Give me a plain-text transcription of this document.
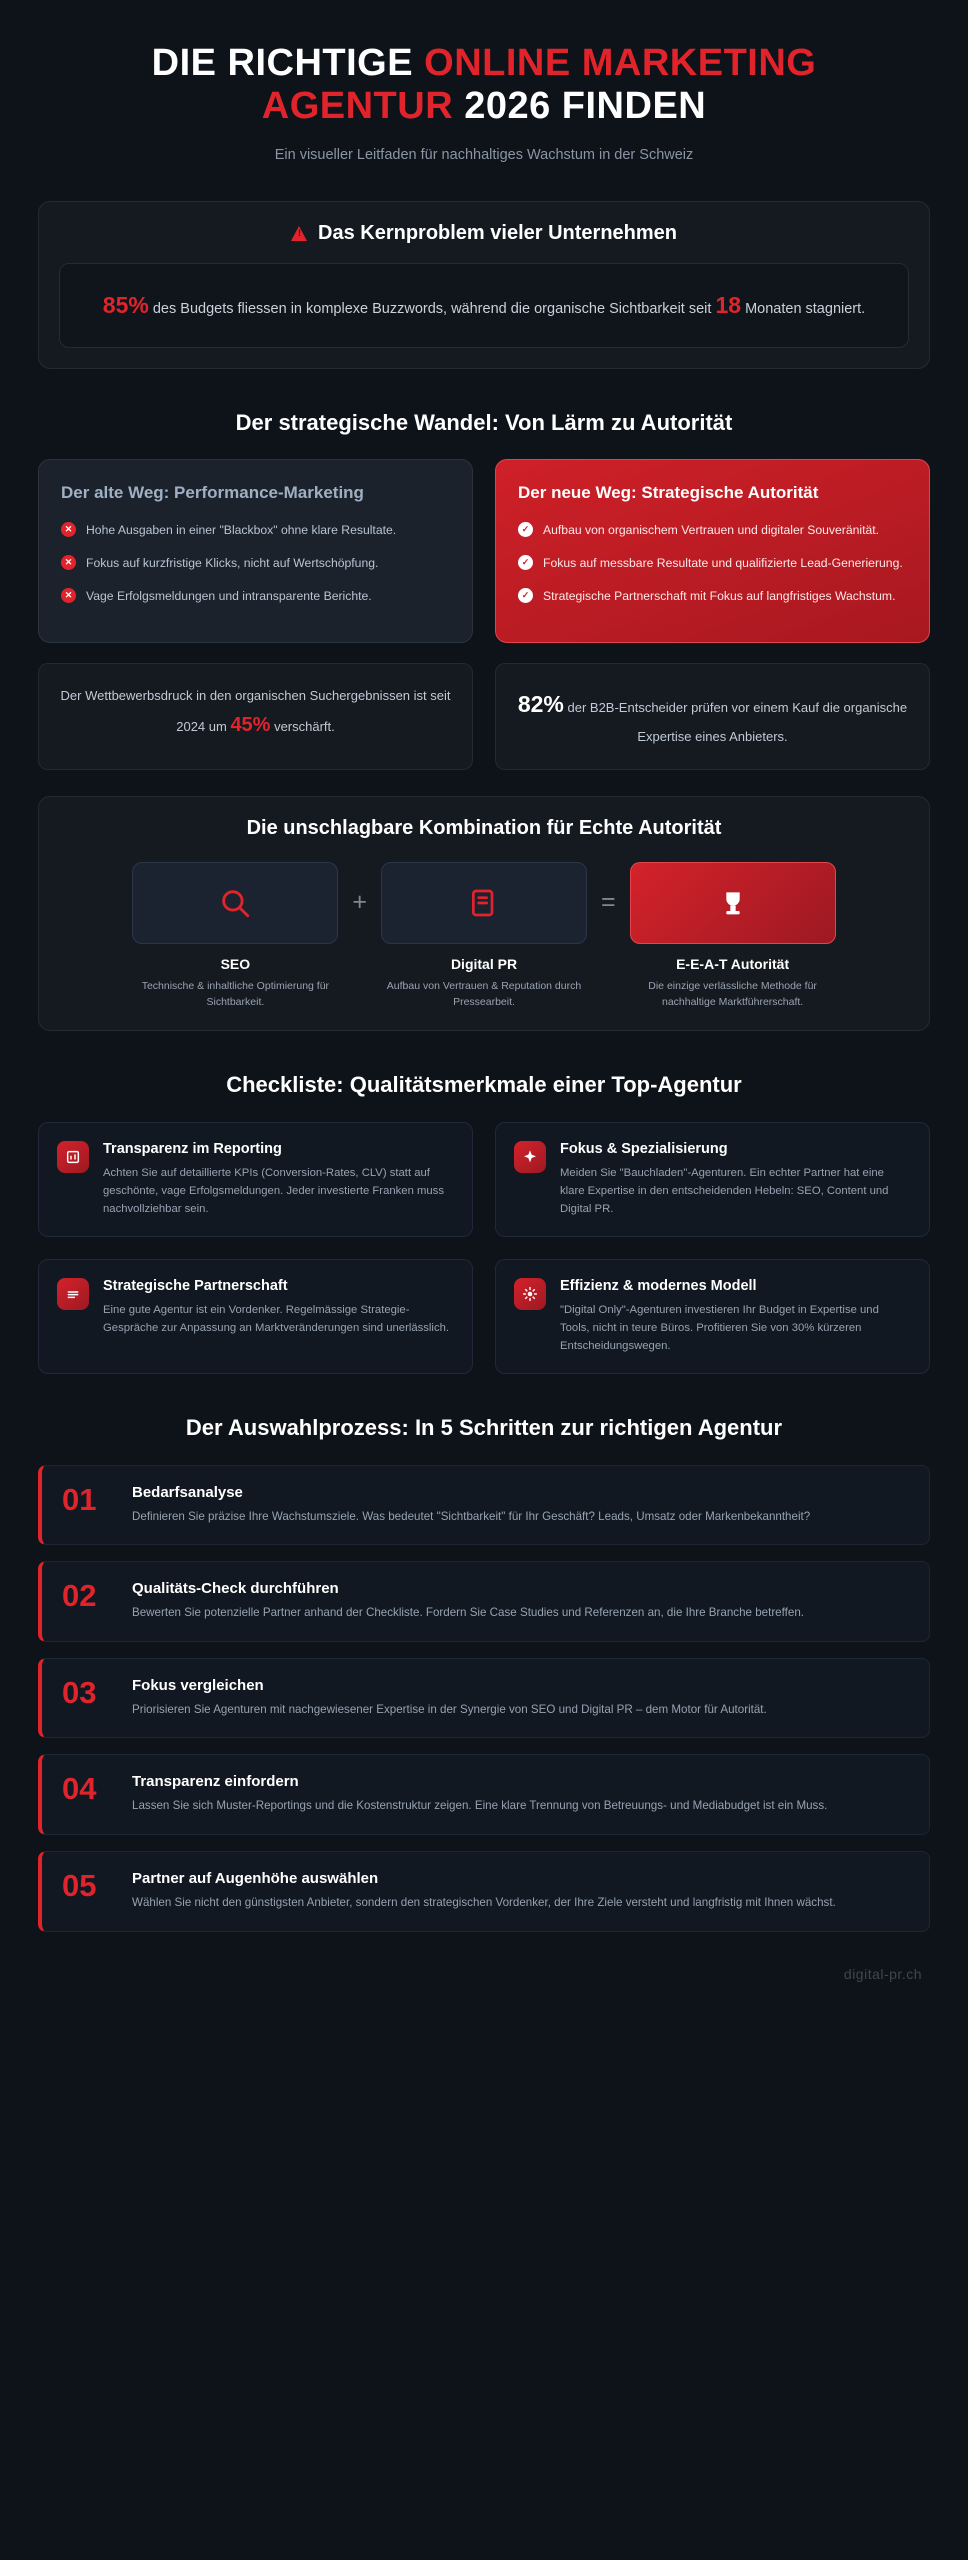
DIE RICHTIGE ONLINE MARKETING AGENTUR 2026 FINDEN
Ein visueller Leitfaden für nachhaltiges Wachstum in der Schweiz
!
Das Kernproblem vieler Unternehmen
85% des Budgets fliessen in komplexe Buzzwords, während die organische Sichtbarkeit seit 18 Monaten stagniert.
Der strategische Wandel: Von Lärm zu Autorität
Der alte Weg: Performance-Marketing
✕	Hohe Ausgaben in einer "Blackbox" ohne klare Resultate.
✕	Fokus auf kurzfristige Klicks, nicht auf Wertschöpfung.
✕	Vage Erfolgsmeldungen und intransparente Berichte.
Der neue Weg: Strategische Autorität
✓	Aufbau von organischem Vertrauen und digitaler Souveränität.
✓	Fokus auf messbare Resultate und qualifizierte Lead-Generierung.
✓	Strategische Partnerschaft mit Fokus auf langfristiges Wachstum.
Der Wettbewerbsdruck in den organischen Suchergebnissen ist seit 2024 um 45% verschärft.
82% der B2B-Entscheider prüfen vor einem Kauf die organische Expertise eines Anbieters.
Die unschlagbare Kombination für Echte Autorität
SEO
Technische & inhaltliche Optimierung für Sichtbarkeit.
+
Digital PR
Aufbau von Vertrauen & Reputation durch Pressearbeit.
=
E-E-A-T Autorität
Die einzige verlässliche Methode für nachhaltige Marktführerschaft.
Checkliste: Qualitätsmerkmale einer Top-Agentur
Transparenz im Reporting

Achten Sie auf detaillierte KPIs (Conversion-Rates, CLV) statt auf geschönte, vage Erfolgsmeldungen. Jeder investierte Franken muss nachvollziehbar sein.

Fokus & Spezialisierung

Meiden Sie "Bauchladen"-Agenturen. Ein echter Partner hat eine klare Expertise in den entscheidenden Hebeln: SEO, Content und Digital PR.

Strategische Partnerschaft

Eine gute Agentur ist ein Vordenker. Regelmässige Strategie-Gespräche zur Anpassung an Marktveränderungen sind unerlässlich.

Effizienz & modernes Modell

"Digital Only"-Agenturen investieren Ihr Budget in Expertise und Tools, nicht in teure Büros. Profitieren Sie von 30% kürzeren Entscheidungswegen.

Der Auswahlprozess: In 5 Schritten zur richtigen Agentur
01	Bedarfsanalyse

Definieren Sie präzise Ihre Wachstumsziele. Was bedeutet "Sichtbarkeit" für Ihr Geschäft? Leads, Umsatz oder Markenbekanntheit?

02	Qualitäts-Check durchführen

Bewerten Sie potenzielle Partner anhand der Checkliste. Fordern Sie Case Studies und Referenzen an, die Ihre Branche betreffen.

03	Fokus vergleichen

Priorisieren Sie Agenturen mit nachgewiesener Expertise in der Synergie von SEO und Digital PR – dem Motor für Autorität.

04	Transparenz einfordern

Lassen Sie sich Muster-Reportings und die Kostenstruktur zeigen. Eine klare Trennung von Betreuungs- und Mediabudget ist ein Muss.

05	Partner auf Augenhöhe auswählen

Wählen Sie nicht den günstigsten Anbieter, sondern den strategischen Vordenker, der Ihre Ziele versteht und langfristig mit Ihnen wächst.

digital-pr.ch
